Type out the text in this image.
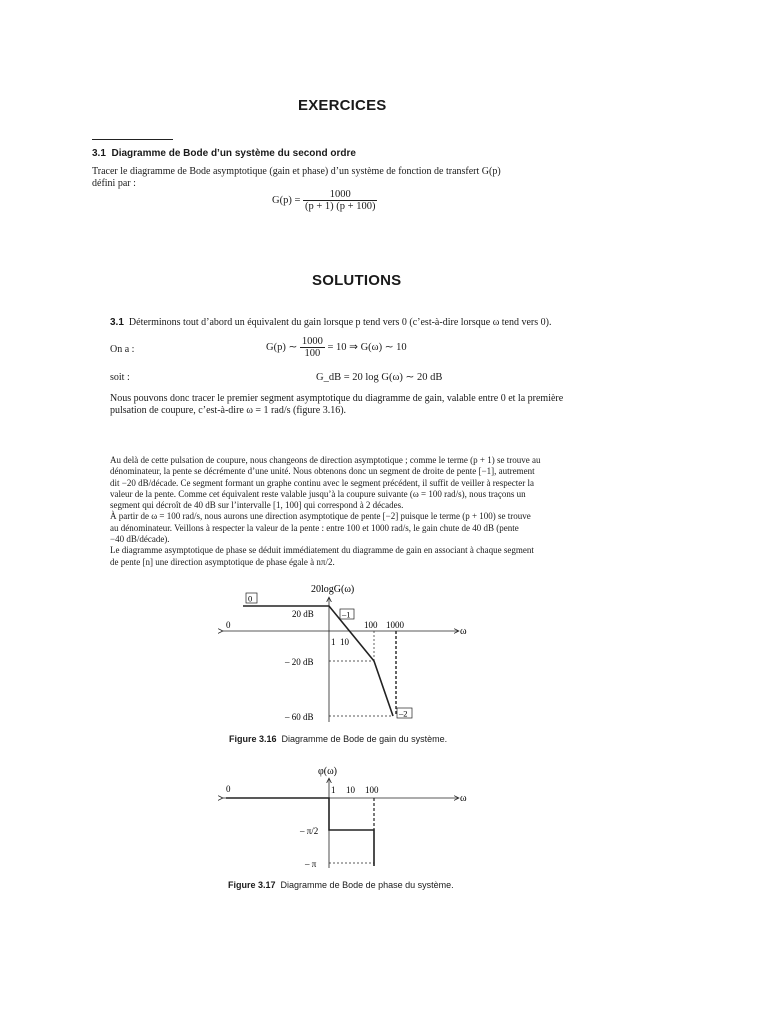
EXERCICES
3.1 Diagramme de Bode d’un système du second ordre
Tracer le diagramme de Bode asymptotique (gain et phase) d’un système de fonction de transfert G(p)
défini par :
$G(p) = \frac{1000}{(p + 1) (p + 100)}$
SOLUTIONS
3.1 Déterminons tout d’abord un équivalent du gain lorsque p tend vers 0 (c’est-à-dire lorsque ω tend vers 0).
On a :	G(p) ∼ $\frac{1000}{100} = 10$ ⇒ G(ω) ∼ 10
soit :	G_dB = 20 log G(ω) ∼ 20 dB
Nous pouvons donc tracer le premier segment asymptotique du diagramme de gain, valable entre 0 et la première
pulsation de coupure, c’est-à-dire ω = 1 rad/s (figure 3.16).
Au delà de cette pulsation de coupure, nous changeons de direction asymptotique ; comme le terme (p + 1) se trouve au
dénominateur, la pente se décrémente d’une unité. Nous obtenons donc un segment de droite de pente [−1], autrement
dit −20 dB/décade. Ce segment formant un graphe continu avec le segment précédent, il suffit de veiller à respecter la
valeur de la pente. Comme cet équivalent reste valable jusqu’à la coupure suivante (ω = 100 rad/s), nous traçons un
segment qui décroît de 40 dB sur l’intervalle [1, 100] qui correspond à 2 décades.
À partir de ω = 100 rad/s, nous aurons une direction asymptotique de pente [−2] puisque le terme (p + 100) se trouve
au dénominateur. Veillons à respecter la valeur de la pente : entre 100 et 1000 rad/s, le gain chute de 40 dB (pente
−40 dB/décade).
Le diagramme asymptotique de phase se déduit immédiatement du diagramme de gain en associant à chaque segment
de pente [n] une direction asymptotique de phase égale à nπ/2.
20logG(ω)
ω
0
20 dB
– 20 dB
– 60 dB
1 10
100 1000
0
–1
–2
Figure 3.16 Diagramme de Bode de gain du système.
φ(ω)
ω
0	1 10 100
– π/2
– π
Figure 3.17 Diagramme de Bode de phase du système.
